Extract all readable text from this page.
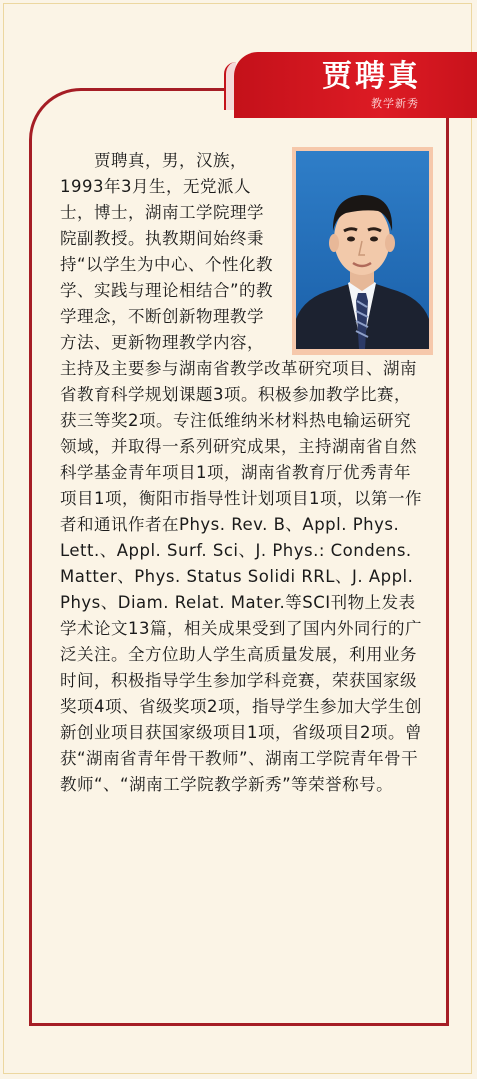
贾聘真
教学新秀
贾聘真，男，汉族，1993年3月生，无党派人士，博士，湖南工学院理学院副教授。执教期间始终秉持“以学生为中心、个性化教学、实践与理论相结合”的教学理念，不断创新物理教学方法、更新物理教学内容，主持及主要参与湖南省教学改革研究项目、湖南省教育科学规划课题3项。积极参加教学比赛，获三等奖2项。专注低维纳米材料热电输运研究领域，并取得一系列研究成果，主持湖南省自然科学基金青年项目1项，湖南省教育厅优秀青年项目1项，衡阳市指导性计划项目1项，以第一作者和通讯作者在Phys. Rev. B、Appl. Phys. Lett.、Appl. Surf. Sci、J. Phys.: Condens. Matter、Phys. Status Solidi RRL、J. Appl. Phys、Diam. Relat. Mater.等SCI刊物上发表学术论文13篇，相关成果受到了国内外同行的广泛关注。全方位助人学生高质量发展，利用业务时间，积极指导学生参加学科竞赛，荣获国家级奖项4项、省级奖项2项，指导学生参加大学生创新创业项目获国家级项目1项，省级项目2项。曾获“湖南省青年骨干教师”、湖南工学院青年骨干教师“、“湖南工学院教学新秀”等荣誉称号。
